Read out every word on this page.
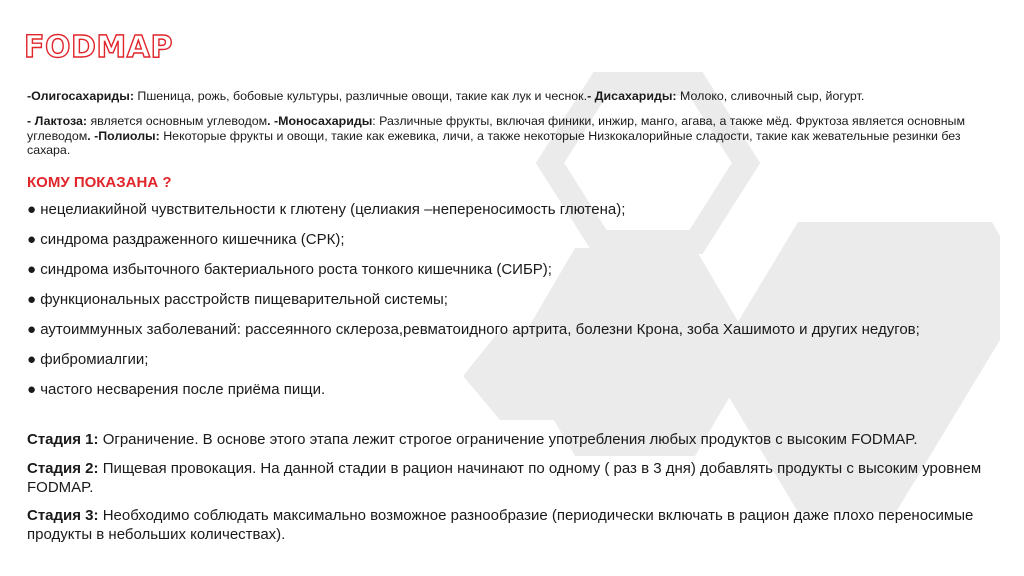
FODMAP
-Олигосахариды: Пшеница, рожь, бобовые культуры, различные овощи, такие как лук и чеснок.- Дисахариды: Молоко, сливочный сыр, йогурт.
- Лактоза: является основным углеводом. -Моносахариды: Различные фрукты, включая финики, инжир, манго, агава, а также мёд. Фруктоза является основным углеводом. -Полиолы: Некоторые фрукты и овощи, такие как ежевика, личи, а также некоторые Низкокалорийные сладости, такие как жевательные резинки без сахара.
КОМУ ПОКАЗАНА ?
● нецелиакийной чувствительности к глютену (целиакия –непереносимость глютена);
● синдрома раздраженного кишечника (СРК);
● синдрома избыточного бактериального роста тонкого кишечника (СИБР);
● функциональных расстройств пищеварительной системы;
● аутоиммунных заболеваний: рассеянного склероза,ревматоидного артрита, болезни Крона, зоба Хашимото и других недугов;
● фибромиалгии;
● частого несварения после приёма пищи.
Стадия 1: Ограничение. В основе этого этапа лежит строгое ограничение употребления любых продуктов с высоким FODMAP.
Стадия 2: Пищевая провокация. На данной стадии в рацион начинают по одному ( раз в 3 дня) добавлять продукты с высоким уровнем FODMAP.
Стадия 3: Необходимо соблюдать максимально возможное разнообразие (периодически включать в рацион даже плохо переносимые продукты в небольших количествах).
